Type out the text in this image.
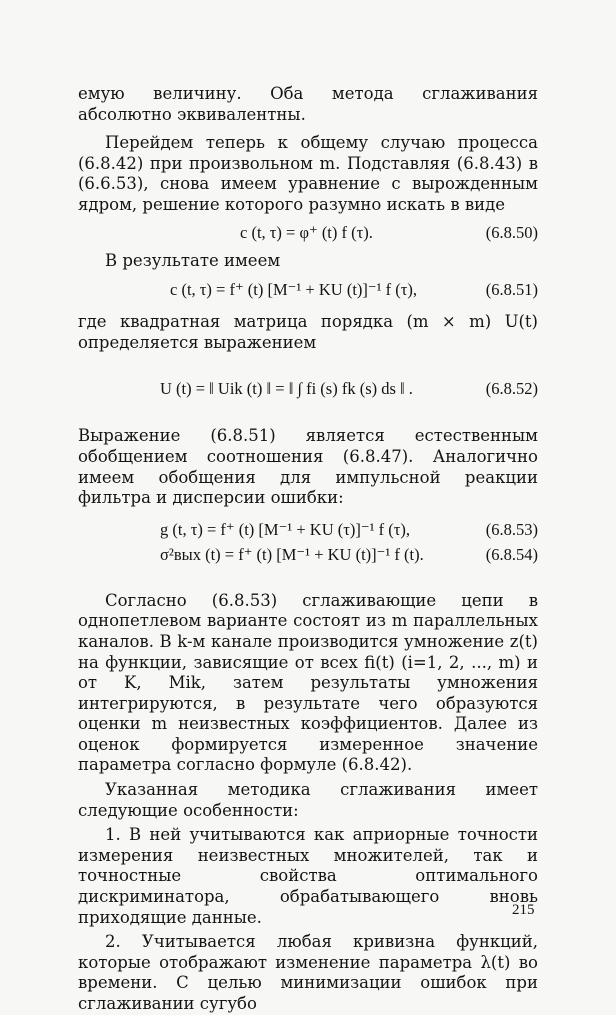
емую величину. Оба метода сглаживания абсолютно эквивалентны.

Перейдем теперь к общему случаю процесса (6.8.42) при произвольном m. Подставляя (6.8.43) в (6.6.53), снова имеем уравнение с вырожденным ядром, решение которого разумно искать в виде

c (t, τ) = φ⁺ (t) f (τ).	(6.8.50)

В результате имеем

c (t, τ) = f⁺ (t) [M⁻¹ + KU (t)]⁻¹ f (τ),	(6.8.51)

где квадратная матрица порядка (m × m) U(t) определяется выражением

U (t) = ‖ Uik (t) ‖ = ‖ ∫ fi (s) fk (s) ds ‖ .	(6.8.52)

Выражение (6.8.51) является естественным обобщением соотношения (6.8.47). Аналогично имеем обобщения для импульсной реакции фильтра и дисперсии ошибки:

g (t, τ) = f⁺ (t) [M⁻¹ + KU (τ)]⁻¹ f (τ),	(6.8.53)
σ²вых (t) = f⁺ (t) [M⁻¹ + KU (t)]⁻¹ f (t).	(6.8.54)

Согласно (6.8.53) сглаживающие цепи в однопетлевом варианте состоят из m параллельных каналов. В k-м канале производится умножение z(t) на функции, зависящие от всех fi(t) (i=1, 2, ..., m) и от K, Mik, затем результаты умножения интегрируются, в результате чего образуются оценки m неизвестных коэффициентов. Далее из оценок формируется измеренное значение параметра согласно формуле (6.8.42).

Указанная методика сглаживания имеет следующие особенности:

1. В ней учитываются как априорные точности измерения неизвестных множителей, так и точностные свойства оптимального дискриминатора, обрабатывающего вновь приходящие данные.

2. Учитывается любая кривизна функций, которые отображают изменение параметра λ(t) во времени. С целью минимизации ошибок при сглаживании сугубо

215
